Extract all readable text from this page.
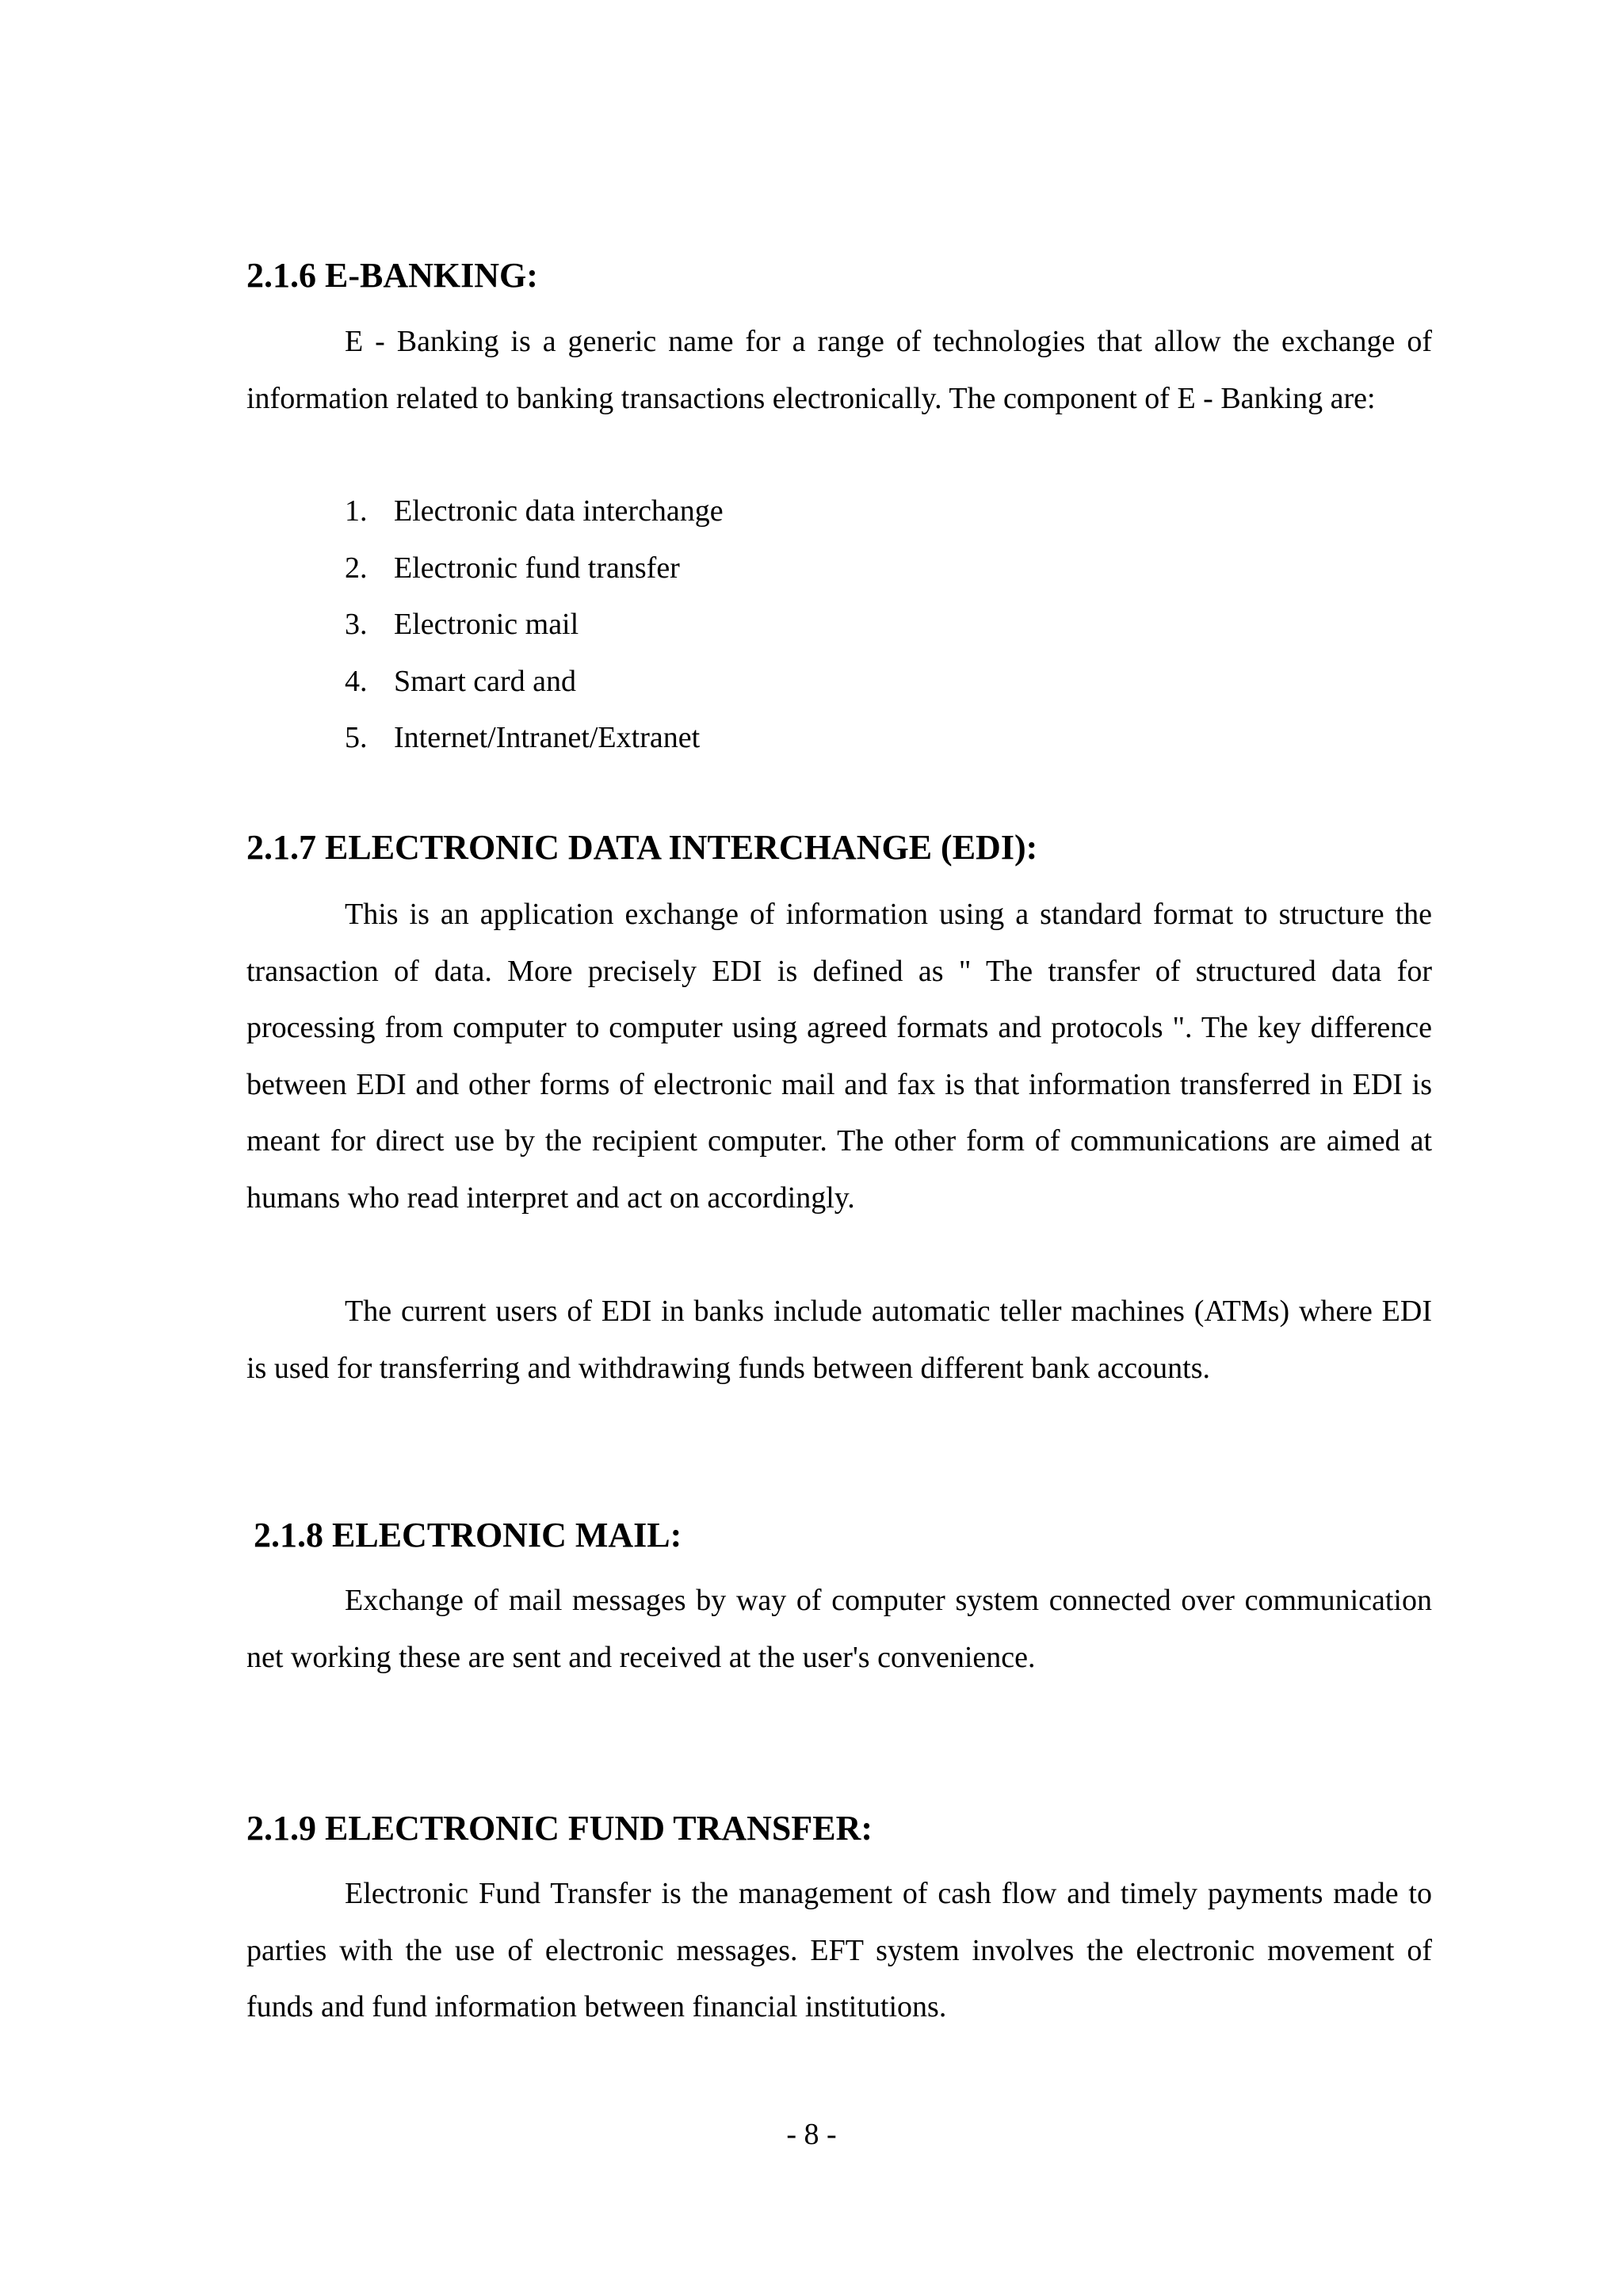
2.1.6 E-BANKING:

E - Banking is a generic name for a range of technologies that allow the exchange of information related to banking transactions electronically. The component of E - Banking are:

1. Electronic data interchange
2. Electronic fund transfer
3. Electronic mail
4. Smart card and
5. Internet/Intranet/Extranet
2.1.7 ELECTRONIC DATA INTERCHANGE (EDI):

This is an application exchange of information using a standard format to structure the transaction of data. More precisely EDI is defined as " The transfer of structured data for processing from computer to computer using agreed formats and protocols ". The key difference between EDI and other forms of electronic mail and fax is that information transferred in EDI is meant for direct use by the recipient computer. The other form of communications are aimed at humans who read interpret and act on accordingly.

The current users of EDI in banks include automatic teller machines (ATMs) where EDI is used for transferring and withdrawing funds between different bank accounts.

2.1.8 ELECTRONIC MAIL:

Exchange of mail messages by way of computer system connected over communication net working these are sent and received at the user's convenience.

2.1.9 ELECTRONIC FUND TRANSFER:

Electronic Fund Transfer is the management of cash flow and timely payments made to parties with the use of electronic messages. EFT system involves the electronic movement of funds and fund information between financial institutions.

- 8 -
